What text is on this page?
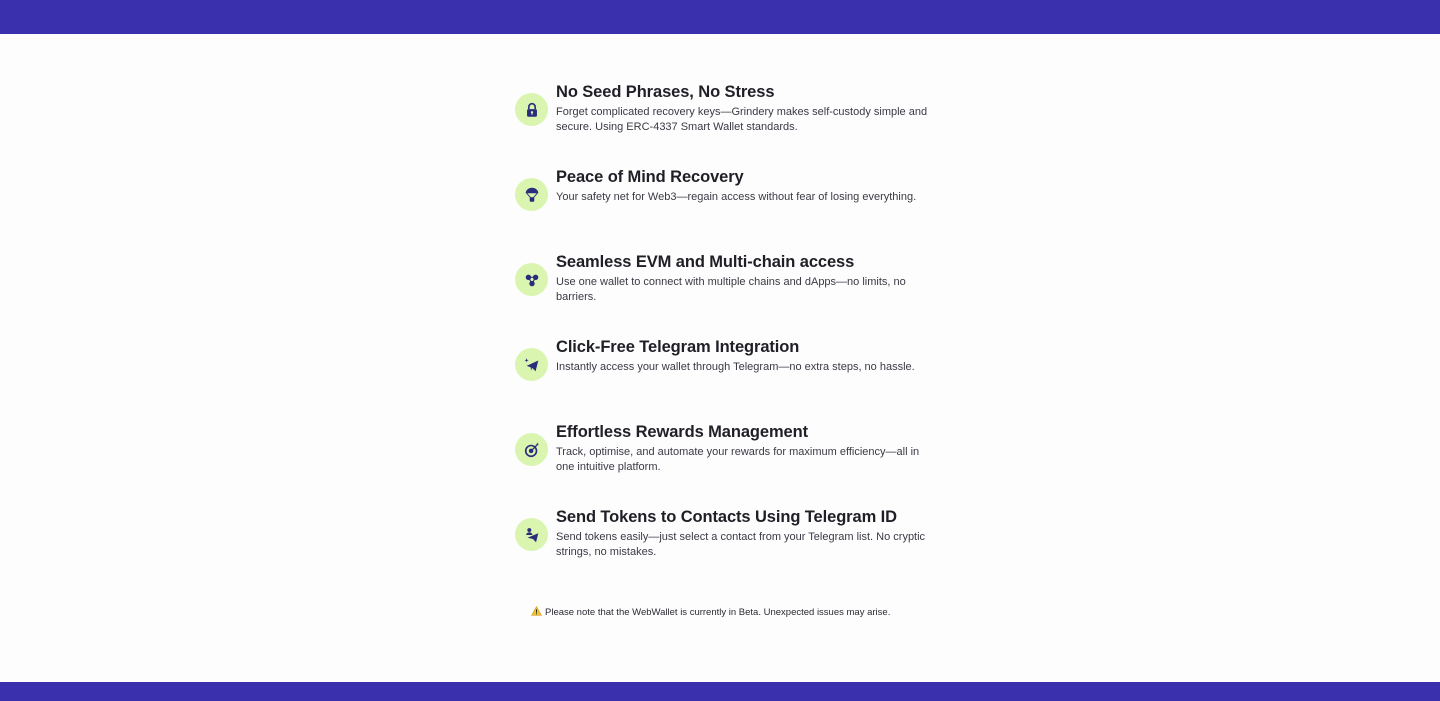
No Seed Phrases, No Stress

Forget complicated recovery keys—Grindery makes self-custody simple and secure. Using ERC-4337 Smart Wallet standards.

Peace of Mind Recovery

Your safety net for Web3—regain access without fear of losing everything.

Seamless EVM and Multi-chain access

Use one wallet to connect with multiple chains and dApps—no limits, no barriers.

Click-Free Telegram Integration

Instantly access your wallet through Telegram—no extra steps, no hassle.

Effortless Rewards Management

Track, optimise, and automate your rewards for maximum efficiency—all in one intuitive platform.

Send Tokens to Contacts Using Telegram ID

Send tokens easily—just select a contact from your Telegram list. No cryptic strings, no mistakes.

Please note that the WebWallet is currently in Beta. Unexpected issues may arise.
